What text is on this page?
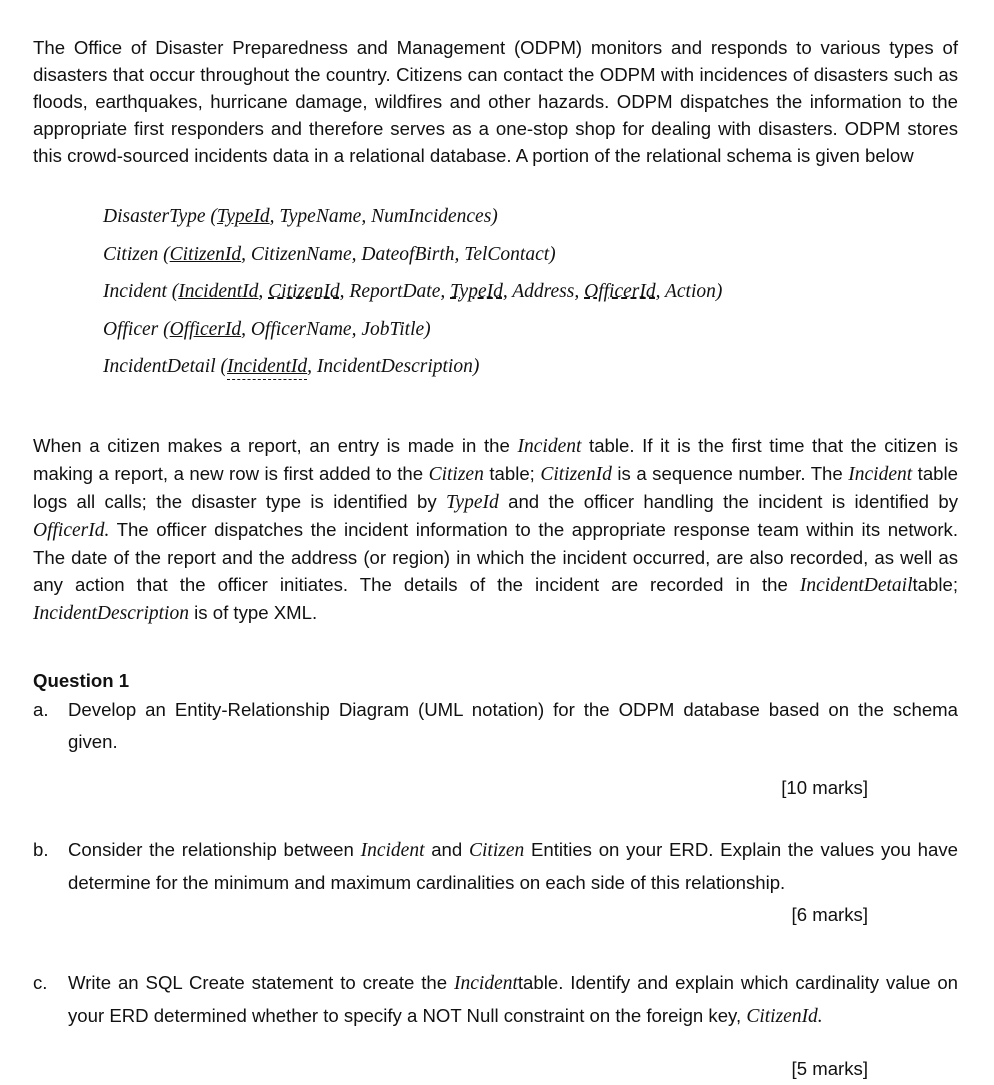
The Office of Disaster Preparedness and Management (ODPM) monitors and responds to various types of disasters that occur throughout the country. Citizens can contact the ODPM with incidences of disasters such as floods, earthquakes, hurricane damage, wildfires and other hazards. ODPM dispatches the information to the appropriate first responders and therefore serves as a one-stop shop for dealing with disasters. ODPM stores this crowd-sourced incidents data in a relational database. A portion of the relational schema is given below

DisasterType (TypeId, TypeName, NumIncidences)
Citizen (CitizenId, CitizenName, DateofBirth, TelContact)
Incident (IncidentId, CitizenId, ReportDate, TypeId, Address, OfficerId, Action)
Officer (OfficerId, OfficerName, JobTitle)
IncidentDetail (IncidentId, IncidentDescription)

When a citizen makes a report, an entry is made in the Incident table. If it is the first time that the citizen is making a report, a new row is first added to the Citizen table; CitizenId is a sequence number. The Incident table logs all calls; the disaster type is identified by TypeId and the officer handling the incident is identified by OfficerId. The officer dispatches the incident information to the appropriate response team within its network. The date of the report and the address (or region) in which the incident occurred, are also recorded, as well as any action that the officer initiates. The details of the incident are recorded in the IncidentDetailtable; IncidentDescription is of type XML.

Question 1
a. Develop an Entity-Relationship Diagram (UML notation) for the ODPM database based on the schema given.
[10 marks]
b. Consider the relationship between Incident and Citizen Entities on your ERD. Explain the values you have determine for the minimum and maximum cardinalities on each side of this relationship.
[6 marks]
c. Write an SQL Create statement to create the Incidenttable. Identify and explain which cardinality value on your ERD determined whether to specify a NOT Null constraint on the foreign key, CitizenId.
[5 marks]
